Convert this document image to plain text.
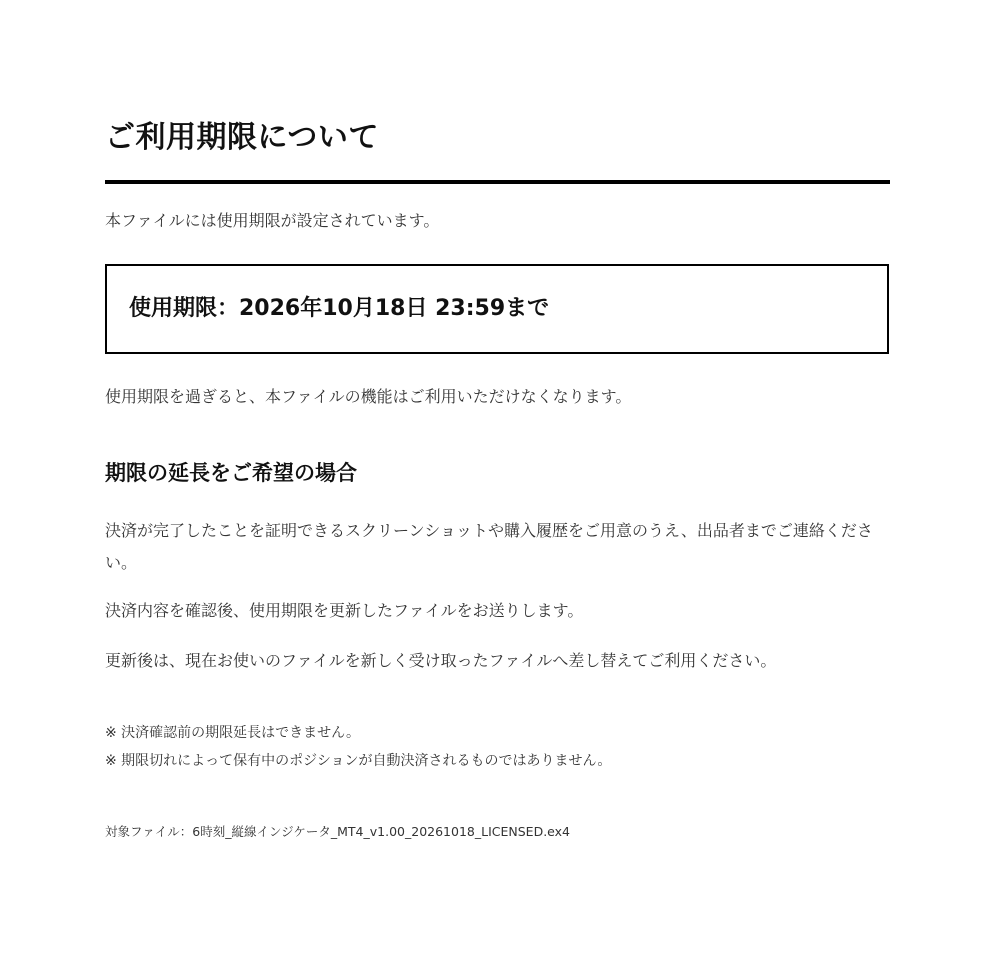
ご利用期限について

本ファイルには使用期限が設定されています。

使用期限：2026年10月18日 23:59まで

使用期限を過ぎると、本ファイルの機能はご利用いただけなくなります。

期限の延長をご希望の場合

決済が完了したことを証明できるスクリーンショットや購入履歴をご用意のうえ、出品者までご連絡ください。

決済内容を確認後、使用期限を更新したファイルをお送りします。

更新後は、現在お使いのファイルを新しく受け取ったファイルへ差し替えてご利用ください。

※ 決済確認前の期限延長はできません。

※ 期限切れによって保有中のポジションが自動決済されるものではありません。

対象ファイル：6時刻_縦線インジケータ_MT4_v1.00_20261018_LICENSED.ex4
